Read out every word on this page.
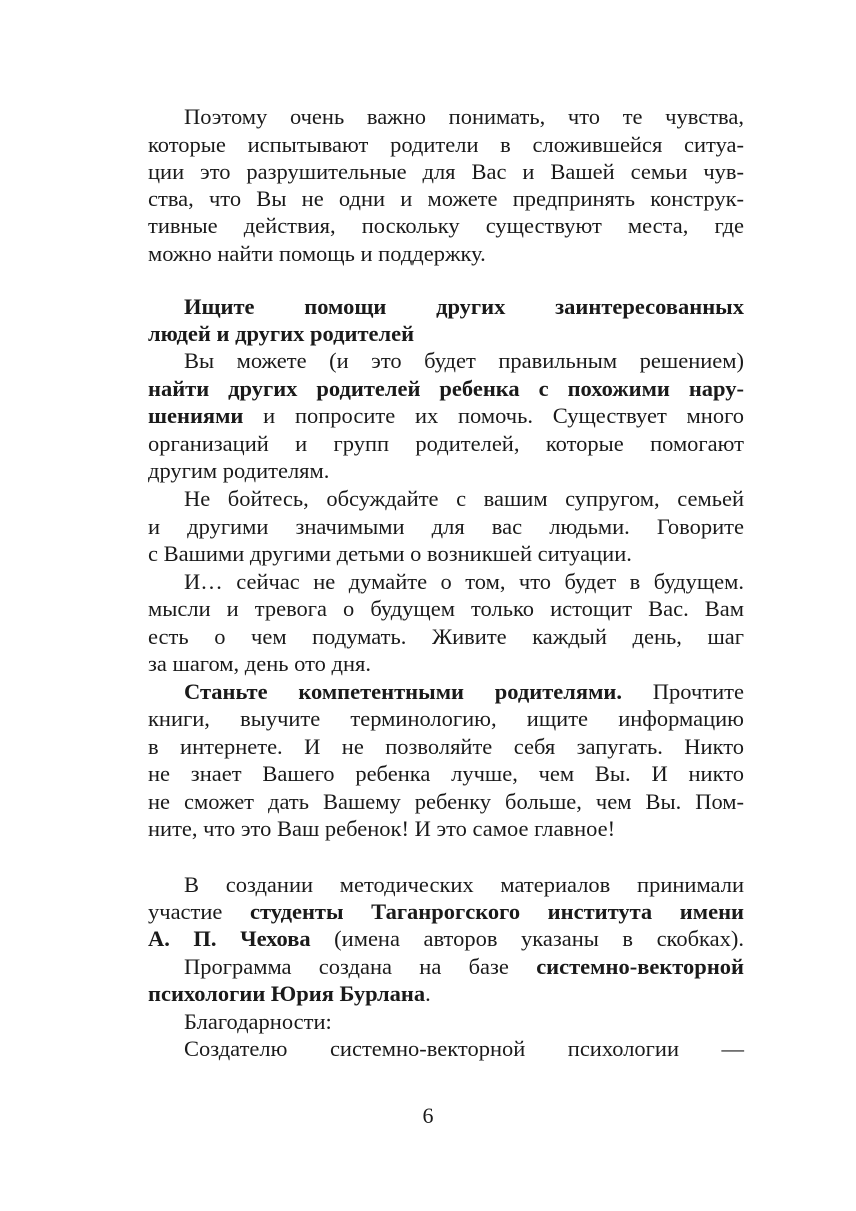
Поэтому очень важно понимать, что те чувства,
которые испытывают родители в сложившейся ситуа-
ции это разрушительные для Вас и Вашей семьи чув-
ства, что Вы не одни и можете предпринять конструк-
тивные действия, поскольку существуют места, где
можно найти помощь и поддержку.
Ищите помощи других заинтересованных
людей и других родителей
Вы можете (и это будет правильным решением)
найти других родителей ребенка с похожими нару-
шениями и попросите их помочь. Существует много
организаций и групп родителей, которые помогают
другим родителям.
Не бойтесь, обсуждайте с вашим супругом, семьей
и другими значимыми для вас людьми. Говорите
с Вашими другими детьми о возникшей ситуации.
И… сейчас не думайте о том, что будет в будущем.
мысли и тревога о будущем только истощит Вас. Вам
есть о чем подумать. Живите каждый день, шаг
за шагом, день ото дня.
Станьте компетентными родителями. Прочтите
книги, выучите терминологию, ищите информацию
в интернете. И не позволяйте себя запугать. Никто
не знает Вашего ребенка лучше, чем Вы. И никто
не сможет дать Вашему ребенку больше, чем Вы. Пом-
ните, что это Ваш ребенок! И это самое главное!
В создании методических материалов принимали
участие студенты Таганрогского института имени
А. П. Чехова (имена авторов указаны в скобках).
Программа создана на базе системно-векторной
психологии Юрия Бурлана.
Благодарности:
Создателю системно-векторной психологии —
6
